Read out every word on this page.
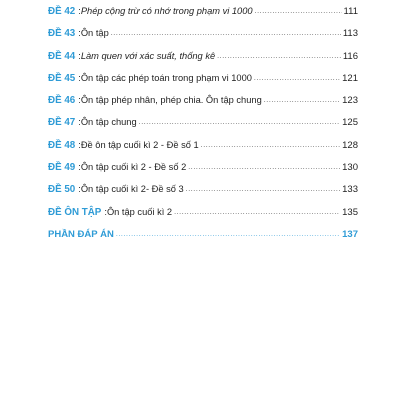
ĐỀ 42 : Phép cộng trừ có nhớ trong phạm vi 1000 .....	111
ĐỀ 43 : Ôn tập .....	113
ĐỀ 44 : Làm quen với xác suất, thống kê .....	116
ĐỀ 45 : Ôn tập các phép toán trong phạm vi 1000 .....	121
ĐỀ 46 : Ôn tập phép nhân, phép chia. Ôn tập chung .....	123
ĐỀ 47 : Ôn tập chung .....	125
ĐỀ 48 : Đề ôn tập cuối kì 2 - Đề số 1 .....	128
ĐỀ 49 : Ôn tập cuối kì 2 - Đề số 2 .....	130
ĐỀ 50 : Ôn tập cuối kì 2- Đề số 3 .....	133
ĐỀ ÔN TẬP : Ôn tập cuối kì 2 .....	135
PHẦN ĐÁP ÁN .....	137
